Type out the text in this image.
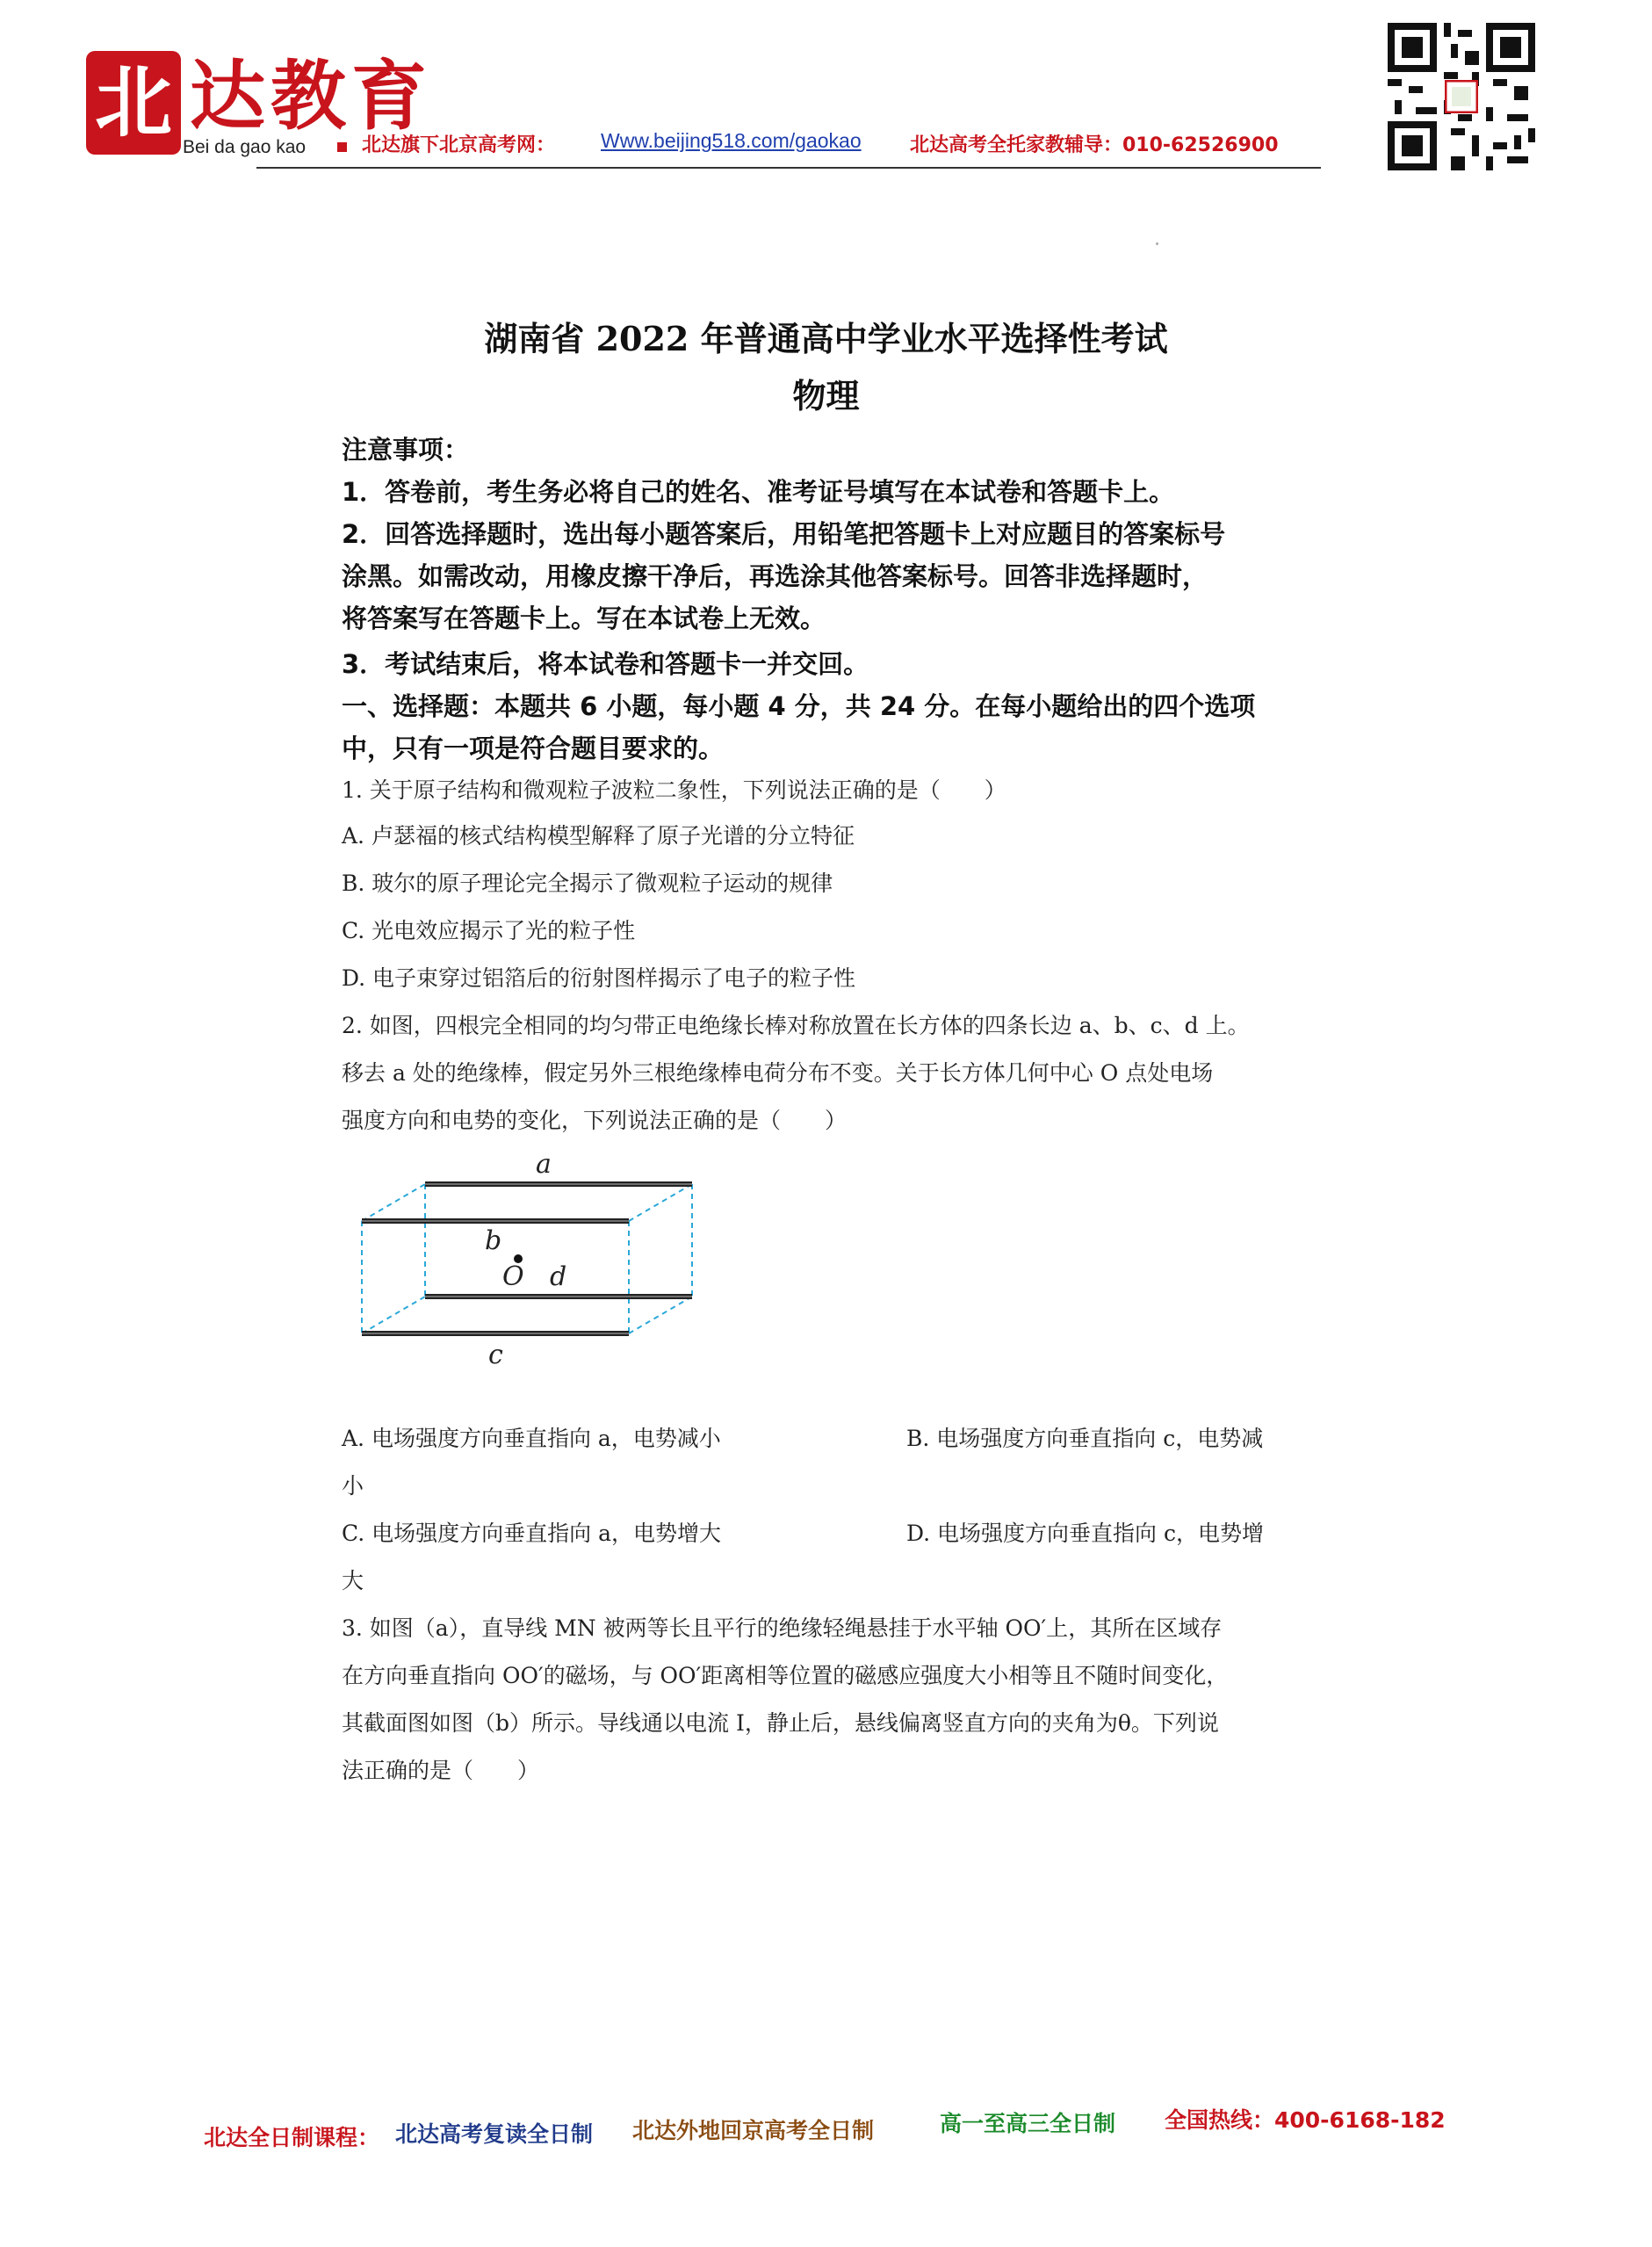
北 达教育
Bei da gao kao	北达旗下北京高考网： Www.beijing518.com/gaokao	北达高考全托家教辅导：010-62526900
湖南省 2022 年普通高中学业水平选择性考试
物理
注意事项：
1．答卷前，考生务必将自己的姓名、准考证号填写在本试卷和答题卡上。
2．回答选择题时，选出每小题答案后，用铅笔把答题卡上对应题目的答案标号
涂黑。如需改动，用橡皮擦干净后，再选涂其他答案标号。回答非选择题时，
将答案写在答题卡上。写在本试卷上无效。
3．考试结束后，将本试卷和答题卡一并交回。
一、选择题：本题共 6 小题，每小题 4 分，共 24 分。在每小题给出的四个选项
中，只有一项是符合题目要求的。
1. 关于原子结构和微观粒子波粒二象性，下列说法正确的是（　　）
A. 卢瑟福的核式结构模型解释了原子光谱的分立特征
B. 玻尔的原子理论完全揭示了微观粒子运动的规律
C. 光电效应揭示了光的粒子性
D. 电子束穿过铝箔后的衍射图样揭示了电子的粒子性
2. 如图，四根完全相同的均匀带正电绝缘长棒对称放置在长方体的四条长边 a、b、c、d 上。
移去 a 处的绝缘棒，假定另外三根绝缘棒电荷分布不变。关于长方体几何中心 O 点处电场
强度方向和电势的变化，下列说法正确的是（　　）
a
b
O d
c
A. 电场强度方向垂直指向 a，电势减小	B. 电场强度方向垂直指向 c，电势减
小
C. 电场强度方向垂直指向 a，电势增大	D. 电场强度方向垂直指向 c，电势增
大
3. 如图（a），直导线 MN 被两等长且平行的绝缘轻绳悬挂于水平轴 OO′上，其所在区域存
在方向垂直指向 OO′的磁场，与 OO′距离相等位置的磁感应强度大小相等且不随时间变化，
其截面图如图（b）所示。导线通以电流 I，静止后，悬线偏离竖直方向的夹角为θ。下列说
法正确的是（　　）
北达全日制课程： 北达高考复读全日制 北达外地回京高考全日制	高一至高三全日制 全国热线：400-6168-182
